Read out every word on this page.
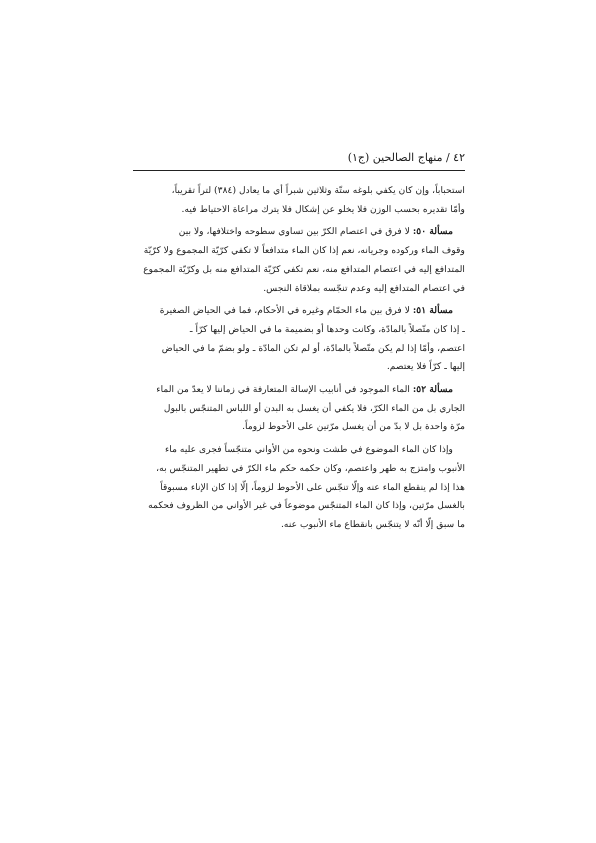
٤٢ / منهاج الصالحين (ج١)

استحباباً، وإن كان يكفي بلوغه ستّة وثلاثين شبراً أي ما يعادل (٣٨٤) لتراً تقريباً،
وأمّا تقديره بحسب الوزن فلا يخلو عن إشكال فلا يترك مراعاة الاحتياط فيه.

مسألة ٥٠: لا فرق في اعتصام الكرّ بين تساوي سطوحه واختلافها، ولا بين
وقوف الماء وركوده وجريانه، نعم إذا كان الماء متدافعاً لا تكفي كرّيّة المجموع ولا كرّيّة
المتدافع إليه في اعتصام المتدافع منه، نعم تكفي كرّيّة المتدافع منه بل وكرّيّة المجموع
في اعتصام المتدافع إليه وعدم تنجّسه بملاقاة النجس.

مسألة ٥١: لا فرق بين ماء الحمّام وغيره في الأحكام، فما في الحياض الصغيرة
ـ إذا كان متّصلاً بالمادّة، وكانت وحدها أو بضميمة ما في الحياض إليها كرّاً ـ
اعتصم، وأمّا إذا لم يكن متّصلاً بالمادّة، أو لم تكن المادّة ـ ولو بضمّ ما في الحياض
إليها ـ كرّاً فلا يعتصم.

مسألة ٥٢: الماء الموجود في أنابيب الإسالة المتعارفة في زماننا لا يعدّ من الماء
الجاري بل من الماء الكرّ، فلا يكفي أن يغسل به البدن أو اللباس المتنجّس بالبول
مرّة واحدة بل لا بدّ من أن يغسل مرّتين على الأحوط لزوماً.

وإذا كان الماء الموضوع في طشت ونحوه من الأواني متنجّساً فجرى عليه ماء
الأنبوب وامتزج به طهر واعتصم، وكان حكمه حكم ماء الكرّ في تطهير المتنجّس به،
هذا إذا لم ينقطع الماء عنه وإلّا تنجّس على الأحوط لزوماً، إلّا إذا كان الإناء مسبوقاً
بالغسل مرّتين، وإذا كان الماء المتنجّس موضوعاً في غير الأواني من الظروف فحكمه
ما سبق إلّا أنّه لا يتنجّس بانقطاع ماء الأنبوب عنه.
